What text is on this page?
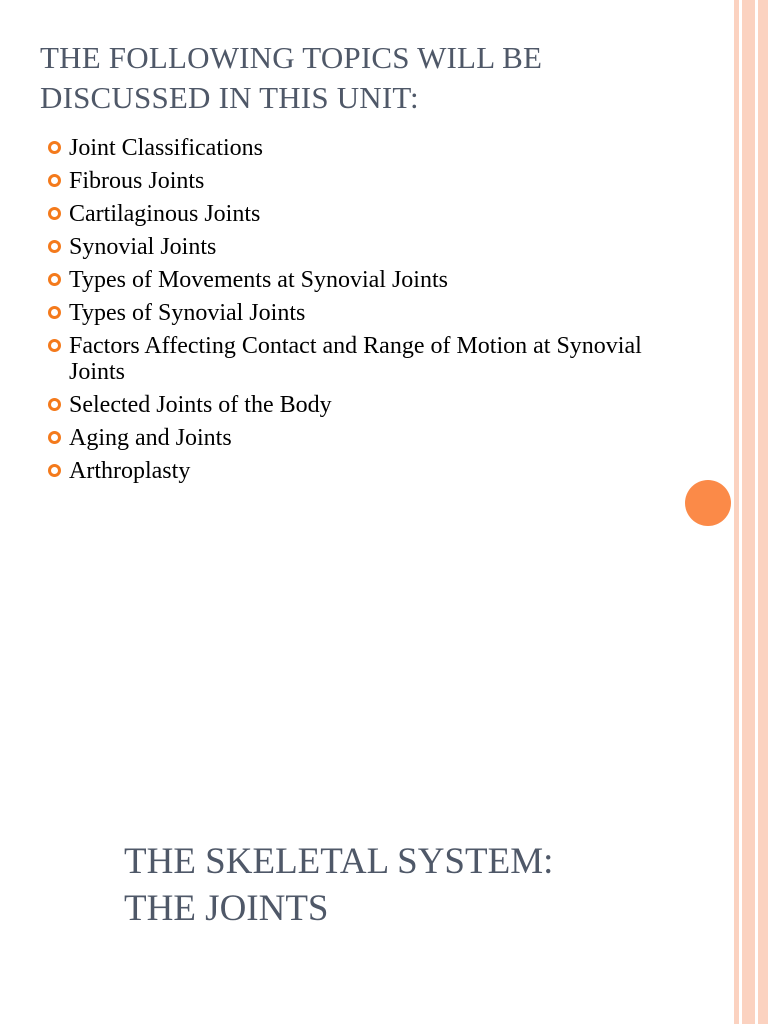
THE FOLLOWING TOPICS WILL BE DISCUSSED IN THIS UNIT:
Joint Classifications
Fibrous Joints
Cartilaginous Joints
Synovial Joints
Types of Movements at Synovial Joints
Types of Synovial Joints
Factors Affecting Contact and Range of Motion at Synovial Joints
Selected Joints of the Body
Aging and Joints
Arthroplasty
THE SKELETAL SYSTEM:
THE JOINTS
